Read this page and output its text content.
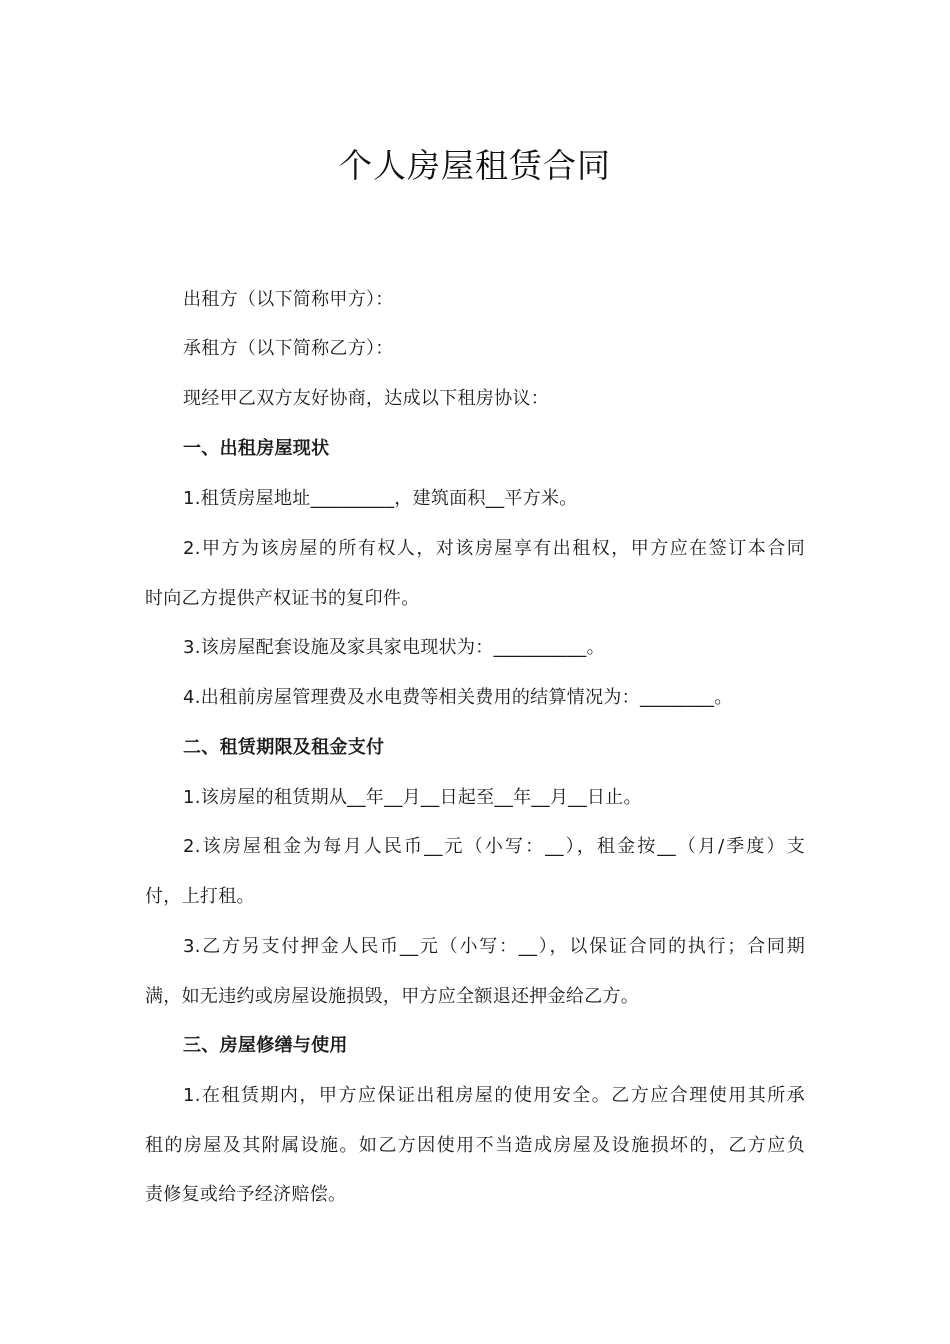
个人房屋租赁合同
出租方（以下简称甲方）：
承租方（以下简称乙方）：
现经甲乙双方友好协商，达成以下租房协议：
一、出租房屋现状
1.租赁房屋地址_________，建筑面积__平方米。
2.甲方为该房屋的所有权人，对该房屋享有出租权，甲方应在签订本合同
时向乙方提供产权证书的复印件。
3.该房屋配套设施及家具家电现状为：__________。
4.出租前房屋管理费及水电费等相关费用的结算情况为：________。
二、租赁期限及租金支付
1.该房屋的租赁期从__年__月__日起至__年__月__日止。
2.该房屋租金为每月人民币__元（小写：__），租金按__（月/季度）支
付，上打租。
3.乙方另支付押金人民币__元（小写：__），以保证合同的执行；合同期
满，如无违约或房屋设施损毁，甲方应全额退还押金给乙方。
三、房屋修缮与使用
1.在租赁期内，甲方应保证出租房屋的使用安全。乙方应合理使用其所承
租的房屋及其附属设施。如乙方因使用不当造成房屋及设施损坏的，乙方应负
责修复或给予经济赔偿。
